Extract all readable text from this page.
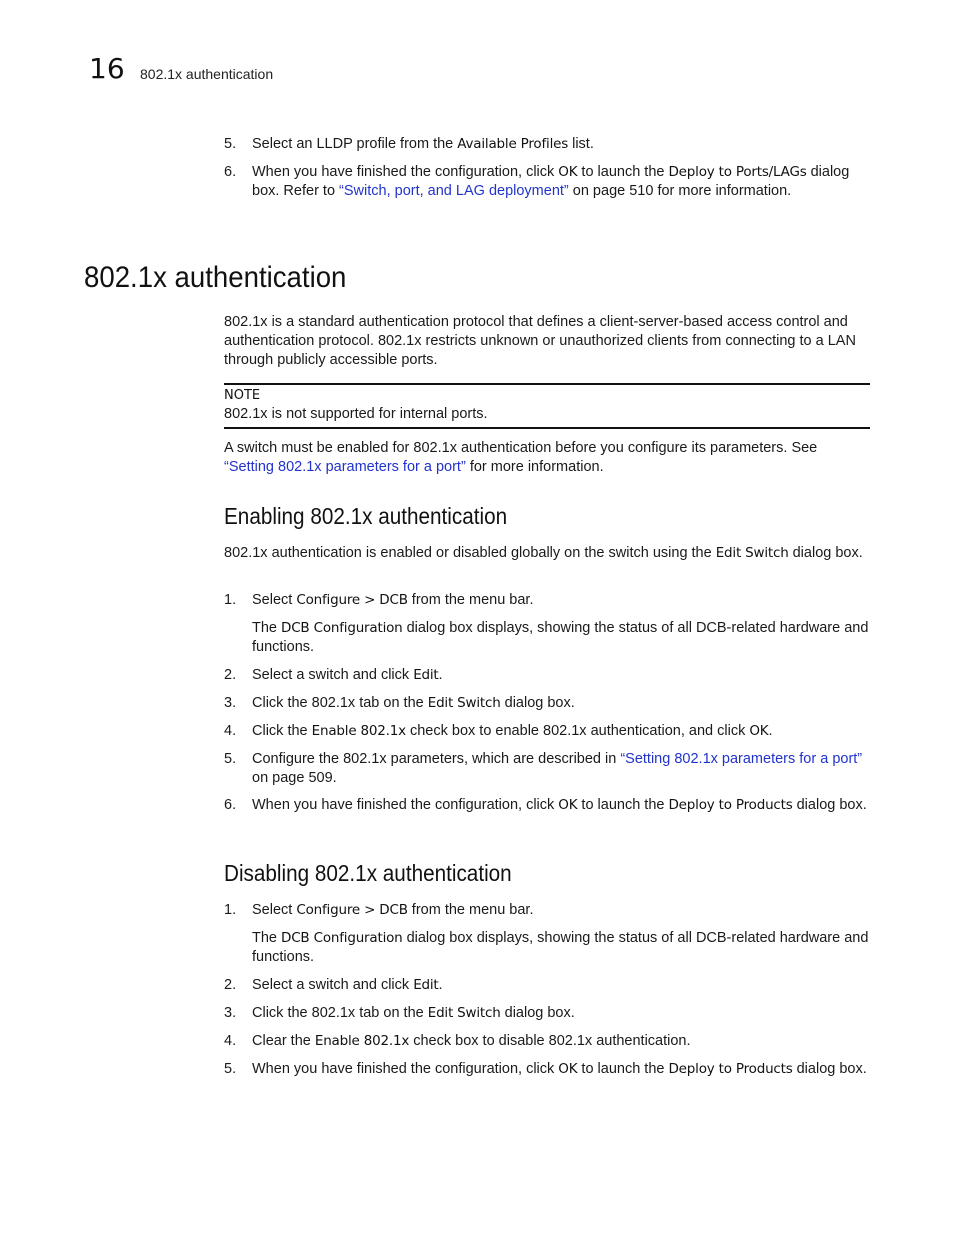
16 802.1x authentication
5.	Select an LLDP profile from the Available Profiles list.
6.	When you have finished the configuration, click OK to launch the Deploy to Ports/LAGs dialog box. Refer to “Switch, port, and LAG deployment” on page 510 for more information.
802.1x authentication
802.1x is a standard authentication protocol that defines a client-server-based access control and authentication protocol. 802.1x restricts unknown or unauthorized clients from connecting to a LAN through publicly accessible ports.
NOTE
802.1x is not supported for internal ports.
A switch must be enabled for 802.1x authentication before you configure its parameters. See “Setting 802.1x parameters for a port” for more information.
Enabling 802.1x authentication
802.1x authentication is enabled or disabled globally on the switch using the Edit Switch dialog box.
1.	Select Configure > DCB from the menu bar.
The DCB Configuration dialog box displays, showing the status of all DCB-related hardware and functions.
2.	Select a switch and click Edit.
3.	Click the 802.1x tab on the Edit Switch dialog box.
4.	Click the Enable 802.1x check box to enable 802.1x authentication, and click OK.
5.	Configure the 802.1x parameters, which are described in “Setting 802.1x parameters for a port” on page 509.
6.	When you have finished the configuration, click OK to launch the Deploy to Products dialog box.
Disabling 802.1x authentication
1.	Select Configure > DCB from the menu bar.
The DCB Configuration dialog box displays, showing the status of all DCB-related hardware and functions.
2.	Select a switch and click Edit.
3.	Click the 802.1x tab on the Edit Switch dialog box.
4.	Clear the Enable 802.1x check box to disable 802.1x authentication.
5.	When you have finished the configuration, click OK to launch the Deploy to Products dialog box.
